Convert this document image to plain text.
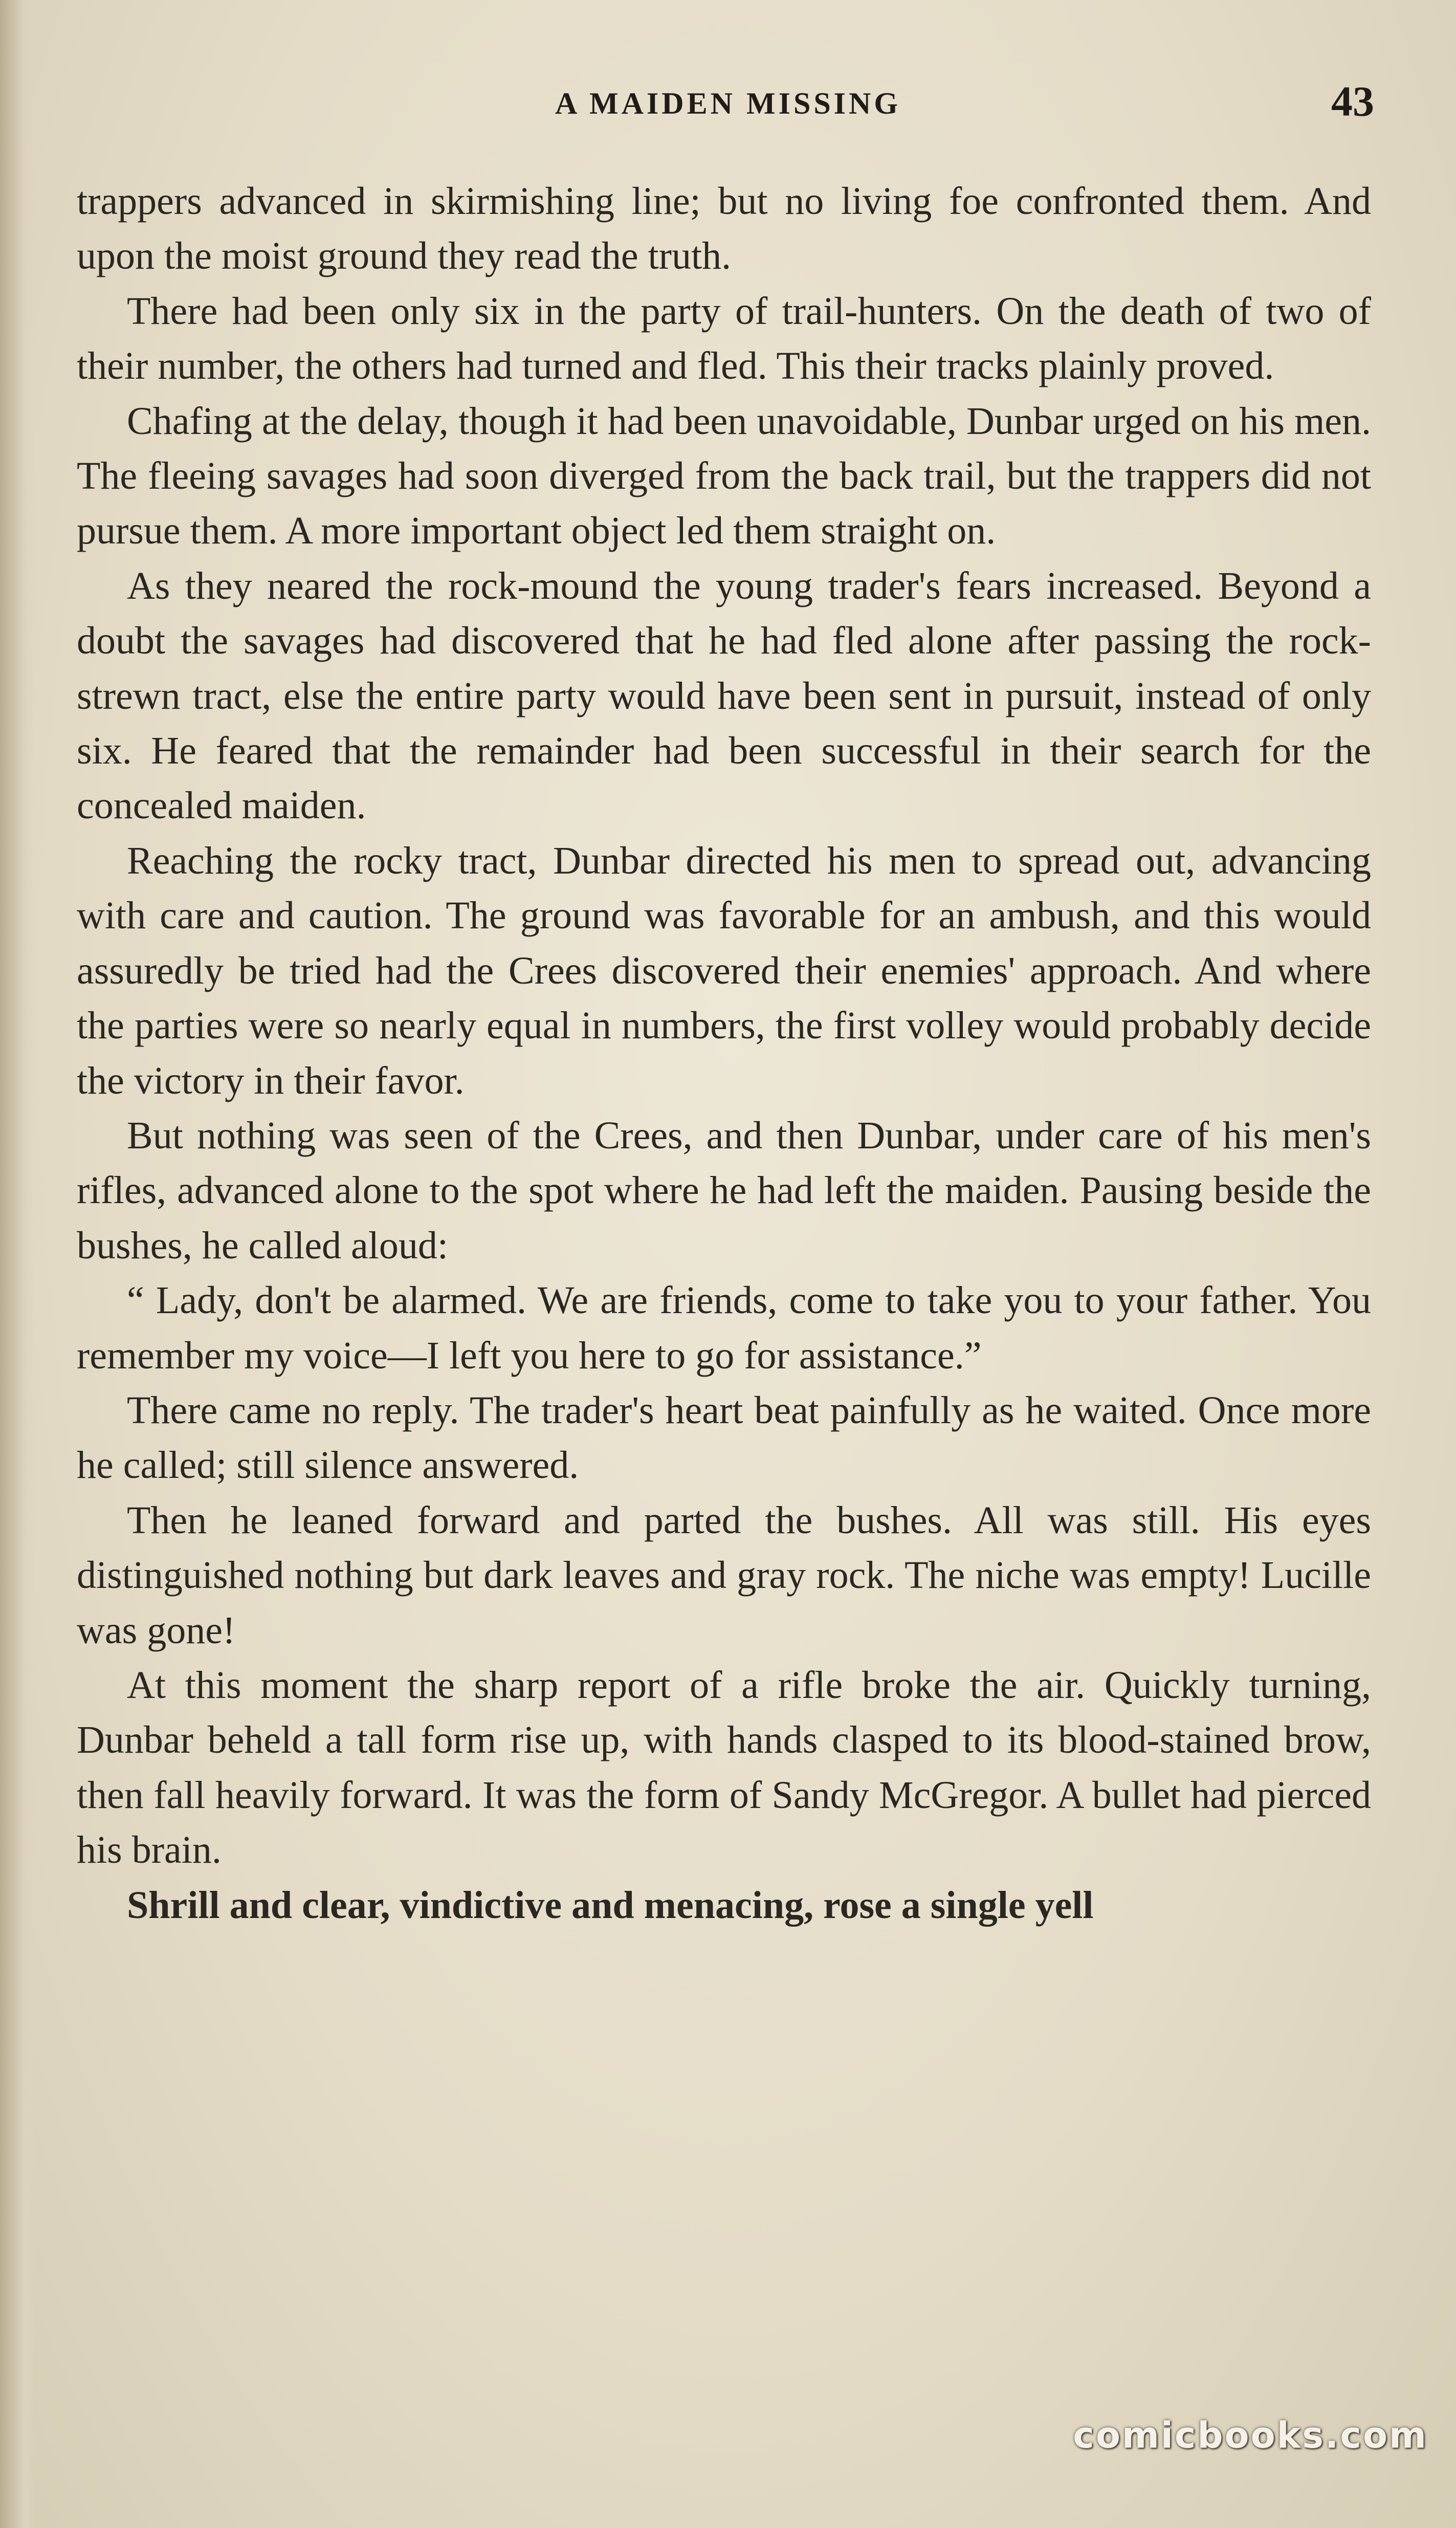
A MAIDEN MISSING	43

trappers advanced in skirmishing line; but no living foe confronted them. And upon the moist ground they read the truth.

There had been only six in the party of trail-hunters. On the death of two of their number, the others had turned and fled. This their tracks plainly proved.

Chafing at the delay, though it had been unavoidable, Dunbar urged on his men. The fleeing savages had soon diverged from the back trail, but the trappers did not pursue them. A more important object led them straight on.

As they neared the rock-mound the young trader's fears increased. Beyond a doubt the savages had discovered that he had fled alone after passing the rock-strewn tract, else the entire party would have been sent in pursuit, instead of only six. He feared that the remainder had been successful in their search for the concealed maiden.

Reaching the rocky tract, Dunbar directed his men to spread out, advancing with care and caution. The ground was favorable for an ambush, and this would assuredly be tried had the Crees discovered their enemies' approach. And where the parties were so nearly equal in numbers, the first volley would probably decide the victory in their favor.

But nothing was seen of the Crees, and then Dunbar, under care of his men's rifles, advanced alone to the spot where he had left the maiden. Pausing beside the bushes, he called aloud:

“ Lady, don't be alarmed. We are friends, come to take you to your father. You remember my voice—I left you here to go for assistance.”

There came no reply. The trader's heart beat painfully as he waited. Once more he called; still silence answered.

Then he leaned forward and parted the bushes. All was still. His eyes distinguished nothing but dark leaves and gray rock. The niche was empty! Lucille was gone!

At this moment the sharp report of a rifle broke the air. Quickly turning, Dunbar beheld a tall form rise up, with hands clasped to its blood-stained brow, then fall heavily forward. It was the form of Sandy McGregor. A bullet had pierced his brain.

Shrill and clear, vindictive and menacing, rose a single yell

comicbooks.com
